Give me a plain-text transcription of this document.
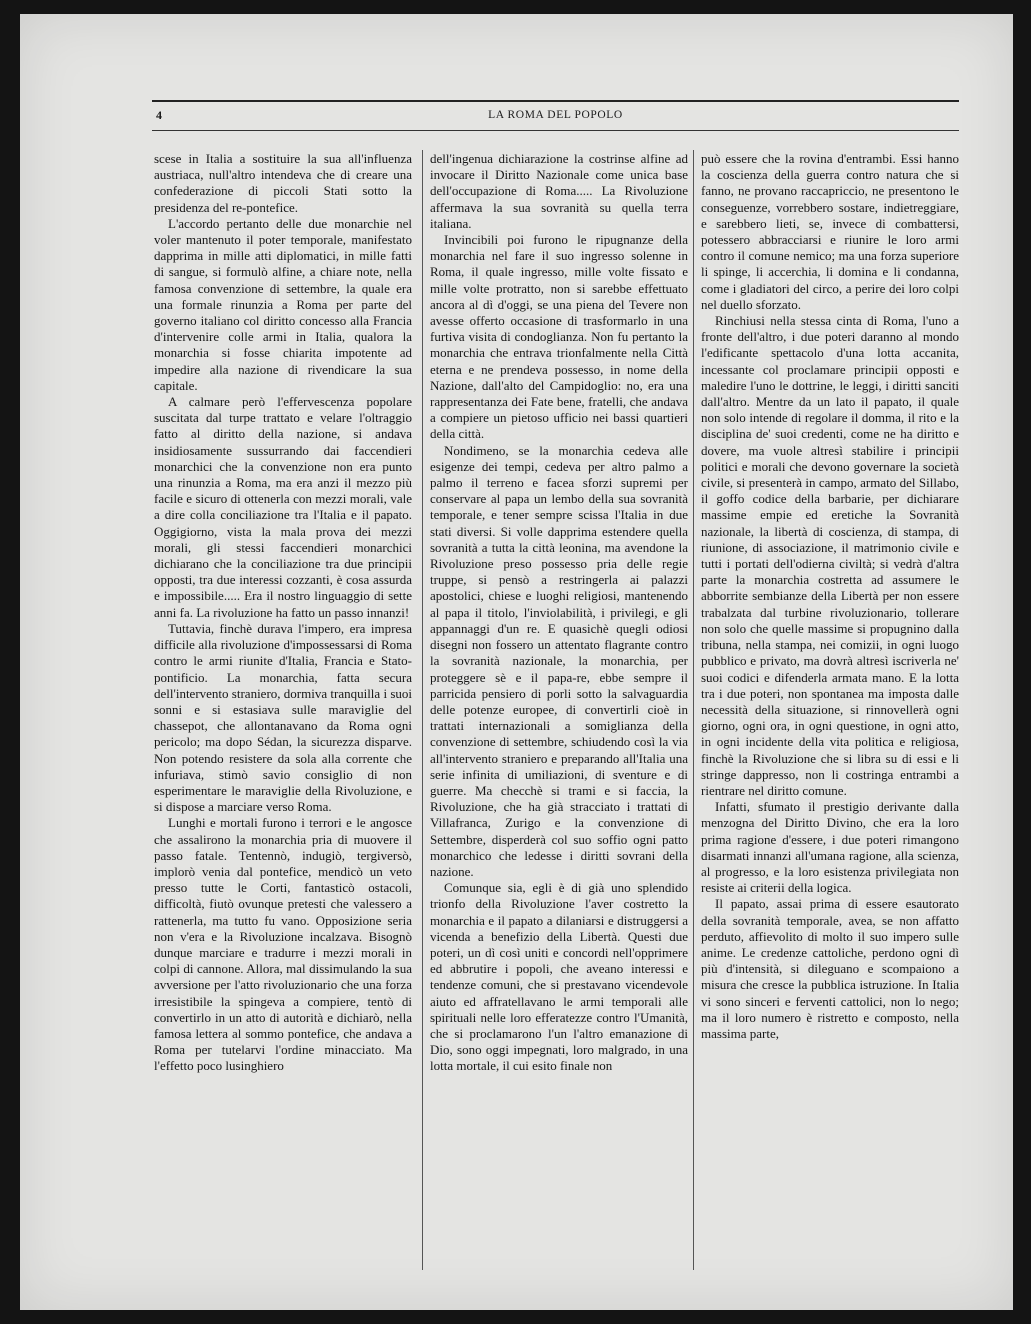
4	LA ROMA DEL POPOLO

scese in Italia a sostituire la sua all'influenza austriaca, null'altro intendeva che di creare una confederazione di piccoli Stati sotto la presidenza del re-pontefice.

L'accordo pertanto delle due monarchie nel voler mantenuto il poter temporale, manifestato dapprima in mille atti diplomatici, in mille fatti di sangue, si formulò alfine, a chiare note, nella famosa convenzione di settembre, la quale era una formale rinunzia a Roma per parte del governo italiano col diritto concesso alla Francia d'intervenire colle armi in Italia, qualora la monarchia si fosse chiarita impotente ad impedire alla nazione di rivendicare la sua capitale.

A calmare però l'effervescenza popolare suscitata dal turpe trattato e velare l'oltraggio fatto al diritto della nazione, si andava insidiosamente sussurrando dai faccendieri monarchici che la convenzione non era punto una rinunzia a Roma, ma era anzi il mezzo più facile e sicuro di ottenerla con mezzi morali, vale a dire colla conciliazione tra l'Italia e il papato. Oggigiorno, vista la mala prova dei mezzi morali, gli stessi faccendieri monarchici dichiarano che la conciliazione tra due principii opposti, tra due interessi cozzanti, è cosa assurda e impossibile..... Era il nostro linguaggio di sette anni fa. La rivoluzione ha fatto un passo innanzi!

Tuttavia, finchè durava l'impero, era impresa difficile alla rivoluzione d'impossessarsi di Roma contro le armi riunite d'Italia, Francia e Stato-pontificio. La monarchia, fatta secura dell'intervento straniero, dormiva tranquilla i suoi sonni e si estasiava sulle maraviglie del chassepot, che allontanavano da Roma ogni pericolo; ma dopo Sédan, la sicurezza disparve. Non potendo resistere da sola alla corrente che infuriava, stimò savio consiglio di non esperimentare le maraviglie della Rivoluzione, e si dispose a marciare verso Roma.

Lunghi e mortali furono i terrori e le angosce che assalirono la monarchia pria di muovere il passo fatale. Tentennò, indugiò, tergiversò, implorò venia dal pontefice, mendicò un veto presso tutte le Corti, fantasticò ostacoli, difficoltà, fiutò ovunque pretesti che valessero a rattenerla, ma tutto fu vano. Opposizione seria non v'era e la Rivoluzione incalzava. Bisognò dunque marciare e tradurre i mezzi morali in colpi di cannone. Allora, mal dissimulando la sua avversione per l'atto rivoluzionario che una forza irresistibile la spingeva a compiere, tentò di convertirlo in un atto di autorità e dichiarò, nella famosa lettera al sommo pontefice, che andava a Roma per tutelarvi l'ordine minacciato. Ma l'effetto poco lusinghiero

dell'ingenua dichiarazione la costrinse alfine ad invocare il Diritto Nazionale come unica base dell'occupazione di Roma..... La Rivoluzione affermava la sua sovranità su quella terra italiana.

Invincibili poi furono le ripugnanze della monarchia nel fare il suo ingresso solenne in Roma, il quale ingresso, mille volte fissato e mille volte protratto, non si sarebbe effettuato ancora al dì d'oggi, se una piena del Tevere non avesse offerto occasione di trasformarlo in una furtiva visita di condoglianza. Non fu pertanto la monarchia che entrava trionfalmente nella Città eterna e ne prendeva possesso, in nome della Nazione, dall'alto del Campidoglio: no, era una rappresentanza dei Fate bene, fratelli, che andava a compiere un pietoso ufficio nei bassi quartieri della città.

Nondimeno, se la monarchia cedeva alle esigenze dei tempi, cedeva per altro palmo a palmo il terreno e facea sforzi supremi per conservare al papa un lembo della sua sovranità temporale, e tener sempre scissa l'Italia in due stati diversi. Si volle dapprima estendere quella sovranità a tutta la città leonina, ma avendone la Rivoluzione preso possesso pria delle regie truppe, si pensò a restringerla ai palazzi apostolici, chiese e luoghi religiosi, mantenendo al papa il titolo, l'inviolabilità, i privilegi, e gli appannaggi d'un re. E quasichè quegli odiosi disegni non fossero un attentato flagrante contro la sovranità nazionale, la monarchia, per proteggere sè e il papa-re, ebbe sempre il parricida pensiero di porli sotto la salvaguardia delle potenze europee, di convertirli cioè in trattati internazionali a somiglianza della convenzione di settembre, schiudendo così la via all'intervento straniero e preparando all'Italia una serie infinita di umiliazioni, di sventure e di guerre. Ma checchè si trami e si faccia, la Rivoluzione, che ha già stracciato i trattati di Villafranca, Zurigo e la convenzione di Settembre, disperderà col suo soffio ogni patto monarchico che ledesse i diritti sovrani della nazione.

Comunque sia, egli è di già uno splendido trionfo della Rivoluzione l'aver costretto la monarchia e il papato a dilaniarsi e distruggersi a vicenda a benefizio della Libertà. Questi due poteri, un dì così uniti e concordi nell'opprimere ed abbrutire i popoli, che aveano interessi e tendenze comuni, che si prestavano vicendevole aiuto ed affratellavano le armi temporali alle spirituali nelle loro efferatezze contro l'Umanità, che si proclamarono l'un l'altro emanazione di Dio, sono oggi impegnati, loro malgrado, in una lotta mortale, il cui esito finale non

può essere che la rovina d'entrambi. Essi hanno la coscienza della guerra contro natura che si fanno, ne provano raccapriccio, ne presentono le conseguenze, vorrebbero sostare, indietreggiare, e sarebbero lieti, se, invece di combattersi, potessero abbracciarsi e riunire le loro armi contro il comune nemico; ma una forza superiore li spinge, li accerchia, li domina e li condanna, come i gladiatori del circo, a perire dei loro colpi nel duello sforzato.

Rinchiusi nella stessa cinta di Roma, l'uno a fronte dell'altro, i due poteri daranno al mondo l'edificante spettacolo d'una lotta accanita, incessante col proclamare principii opposti e maledire l'uno le dottrine, le leggi, i diritti sanciti dall'altro. Mentre da un lato il papato, il quale non solo intende di regolare il domma, il rito e la disciplina de' suoi credenti, come ne ha diritto e dovere, ma vuole altresì stabilire i principii politici e morali che devono governare la società civile, si presenterà in campo, armato del Sillabo, il goffo codice della barbarie, per dichiarare massime empie ed eretiche la Sovranità nazionale, la libertà di coscienza, di stampa, di riunione, di associazione, il matrimonio civile e tutti i portati dell'odierna civiltà; si vedrà d'altra parte la monarchia costretta ad assumere le abborrite sembianze della Libertà per non essere trabalzata dal turbine rivoluzionario, tollerare non solo che quelle massime si propugnino dalla tribuna, nella stampa, nei comizii, in ogni luogo pubblico e privato, ma dovrà altresì iscriverla ne' suoi codici e difenderla armata mano. E la lotta tra i due poteri, non spontanea ma imposta dalle necessità della situazione, si rinnovellerà ogni giorno, ogni ora, in ogni questione, in ogni atto, in ogni incidente della vita politica e religiosa, finchè la Rivoluzione che si libra su di essi e li stringe dappresso, non li costringa entrambi a rientrare nel diritto comune.

Infatti, sfumato il prestigio derivante dalla menzogna del Diritto Divino, che era la loro prima ragione d'essere, i due poteri rimangono disarmati innanzi all'umana ragione, alla scienza, al progresso, e la loro esistenza privilegiata non resiste ai criterii della logica.

Il papato, assai prima di essere esautorato della sovranità temporale, avea, se non affatto perduto, affievolito di molto il suo impero sulle anime. Le credenze cattoliche, perdono ogni dì più d'intensità, si dileguano e scompaiono a misura che cresce la pubblica istruzione. In Italia vi sono sinceri e ferventi cattolici, non lo nego; ma il loro numero è ristretto e composto, nella massima parte,
